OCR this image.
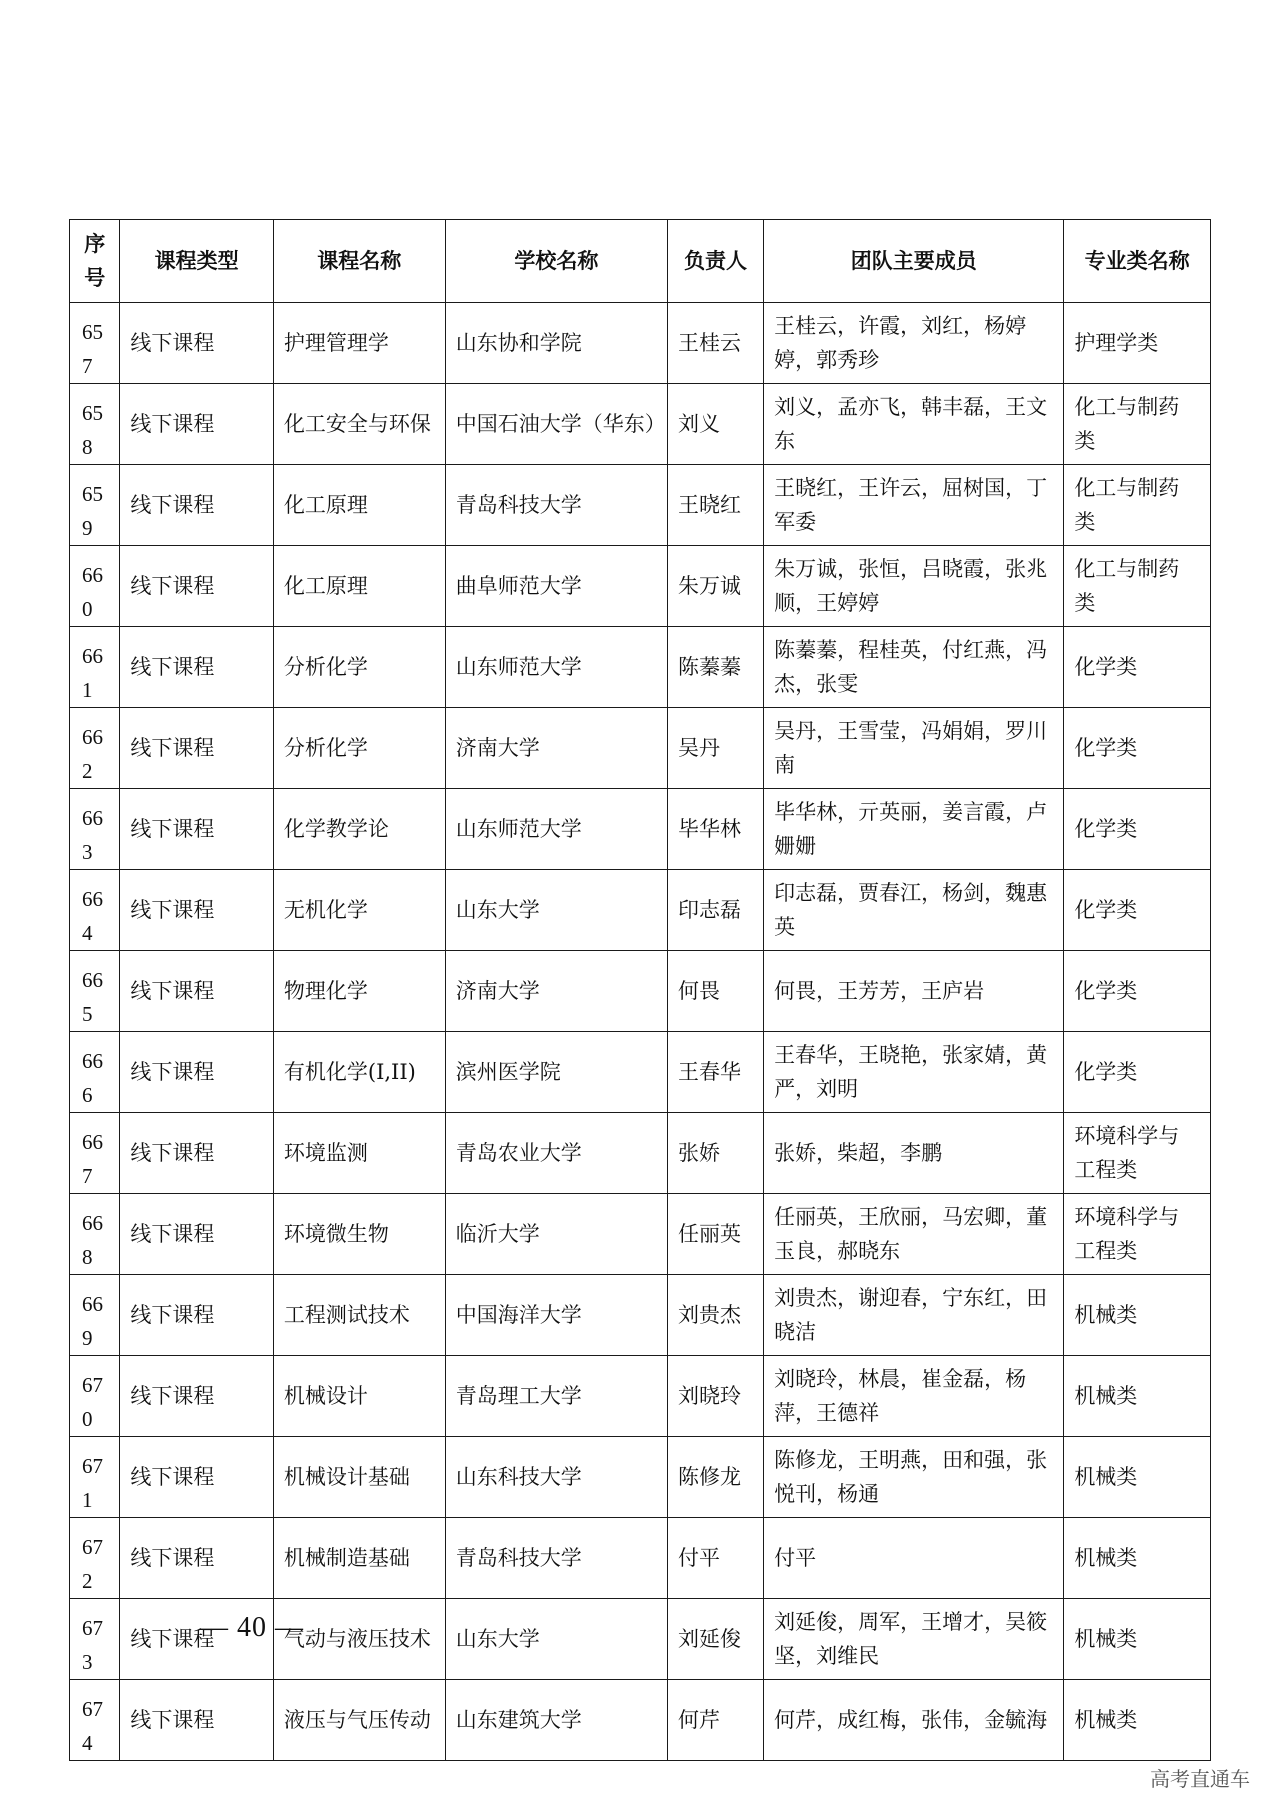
序号	课程类型	课程名称	学校名称	负责人	团队主要成员	专业类名称
657	线下课程	护理管理学	山东协和学院	王桂云	王桂云，许霞，刘红，杨婷婷，郭秀珍	护理学类
658	线下课程	化工安全与环保	中国石油大学（华东）	刘义	刘义，孟亦飞，韩丰磊，王文东	化工与制药类
659	线下课程	化工原理	青岛科技大学	王晓红	王晓红，王许云，屈树国，丁军委	化工与制药类
660	线下课程	化工原理	曲阜师范大学	朱万诚	朱万诚，张恒，吕晓霞，张兆顺，王婷婷	化工与制药类
661	线下课程	分析化学	山东师范大学	陈蓁蓁	陈蓁蓁，程桂英，付红燕，冯杰，张雯	化学类
662	线下课程	分析化学	济南大学	吴丹	吴丹，王雪莹，冯娟娟，罗川南	化学类
663	线下课程	化学教学论	山东师范大学	毕华林	毕华林，亓英丽，姜言霞，卢姗姗	化学类
664	线下课程	无机化学	山东大学	印志磊	印志磊，贾春江，杨剑，魏惠英	化学类
665	线下课程	物理化学	济南大学	何畏	何畏，王芳芳，王庐岩	化学类
666	线下课程	有机化学(I,II)	滨州医学院	王春华	王春华，王晓艳，张家婧，黄严，刘明	化学类
667	线下课程	环境监测	青岛农业大学	张娇	张娇，柴超，李鹏	环境科学与工程类
668	线下课程	环境微生物	临沂大学	任丽英	任丽英，王欣丽，马宏卿，董玉良，郝晓东	环境科学与工程类
669	线下课程	工程测试技术	中国海洋大学	刘贵杰	刘贵杰，谢迎春，宁东红，田晓洁	机械类
670	线下课程	机械设计	青岛理工大学	刘晓玲	刘晓玲，林晨，崔金磊，杨萍，王德祥	机械类
671	线下课程	机械设计基础	山东科技大学	陈修龙	陈修龙，王明燕，田和强，张悦刊，杨通	机械类
672	线下课程	机械制造基础	青岛科技大学	付平	付平	机械类
673	线下课程	气动与液压技术	山东大学	刘延俊	刘延俊，周军，王增才，吴筱坚，刘维民	机械类
674	线下课程	液压与气压传动	山东建筑大学	何芹	何芹，成红梅，张伟，金毓海	机械类
— 40 —
高考直通车
